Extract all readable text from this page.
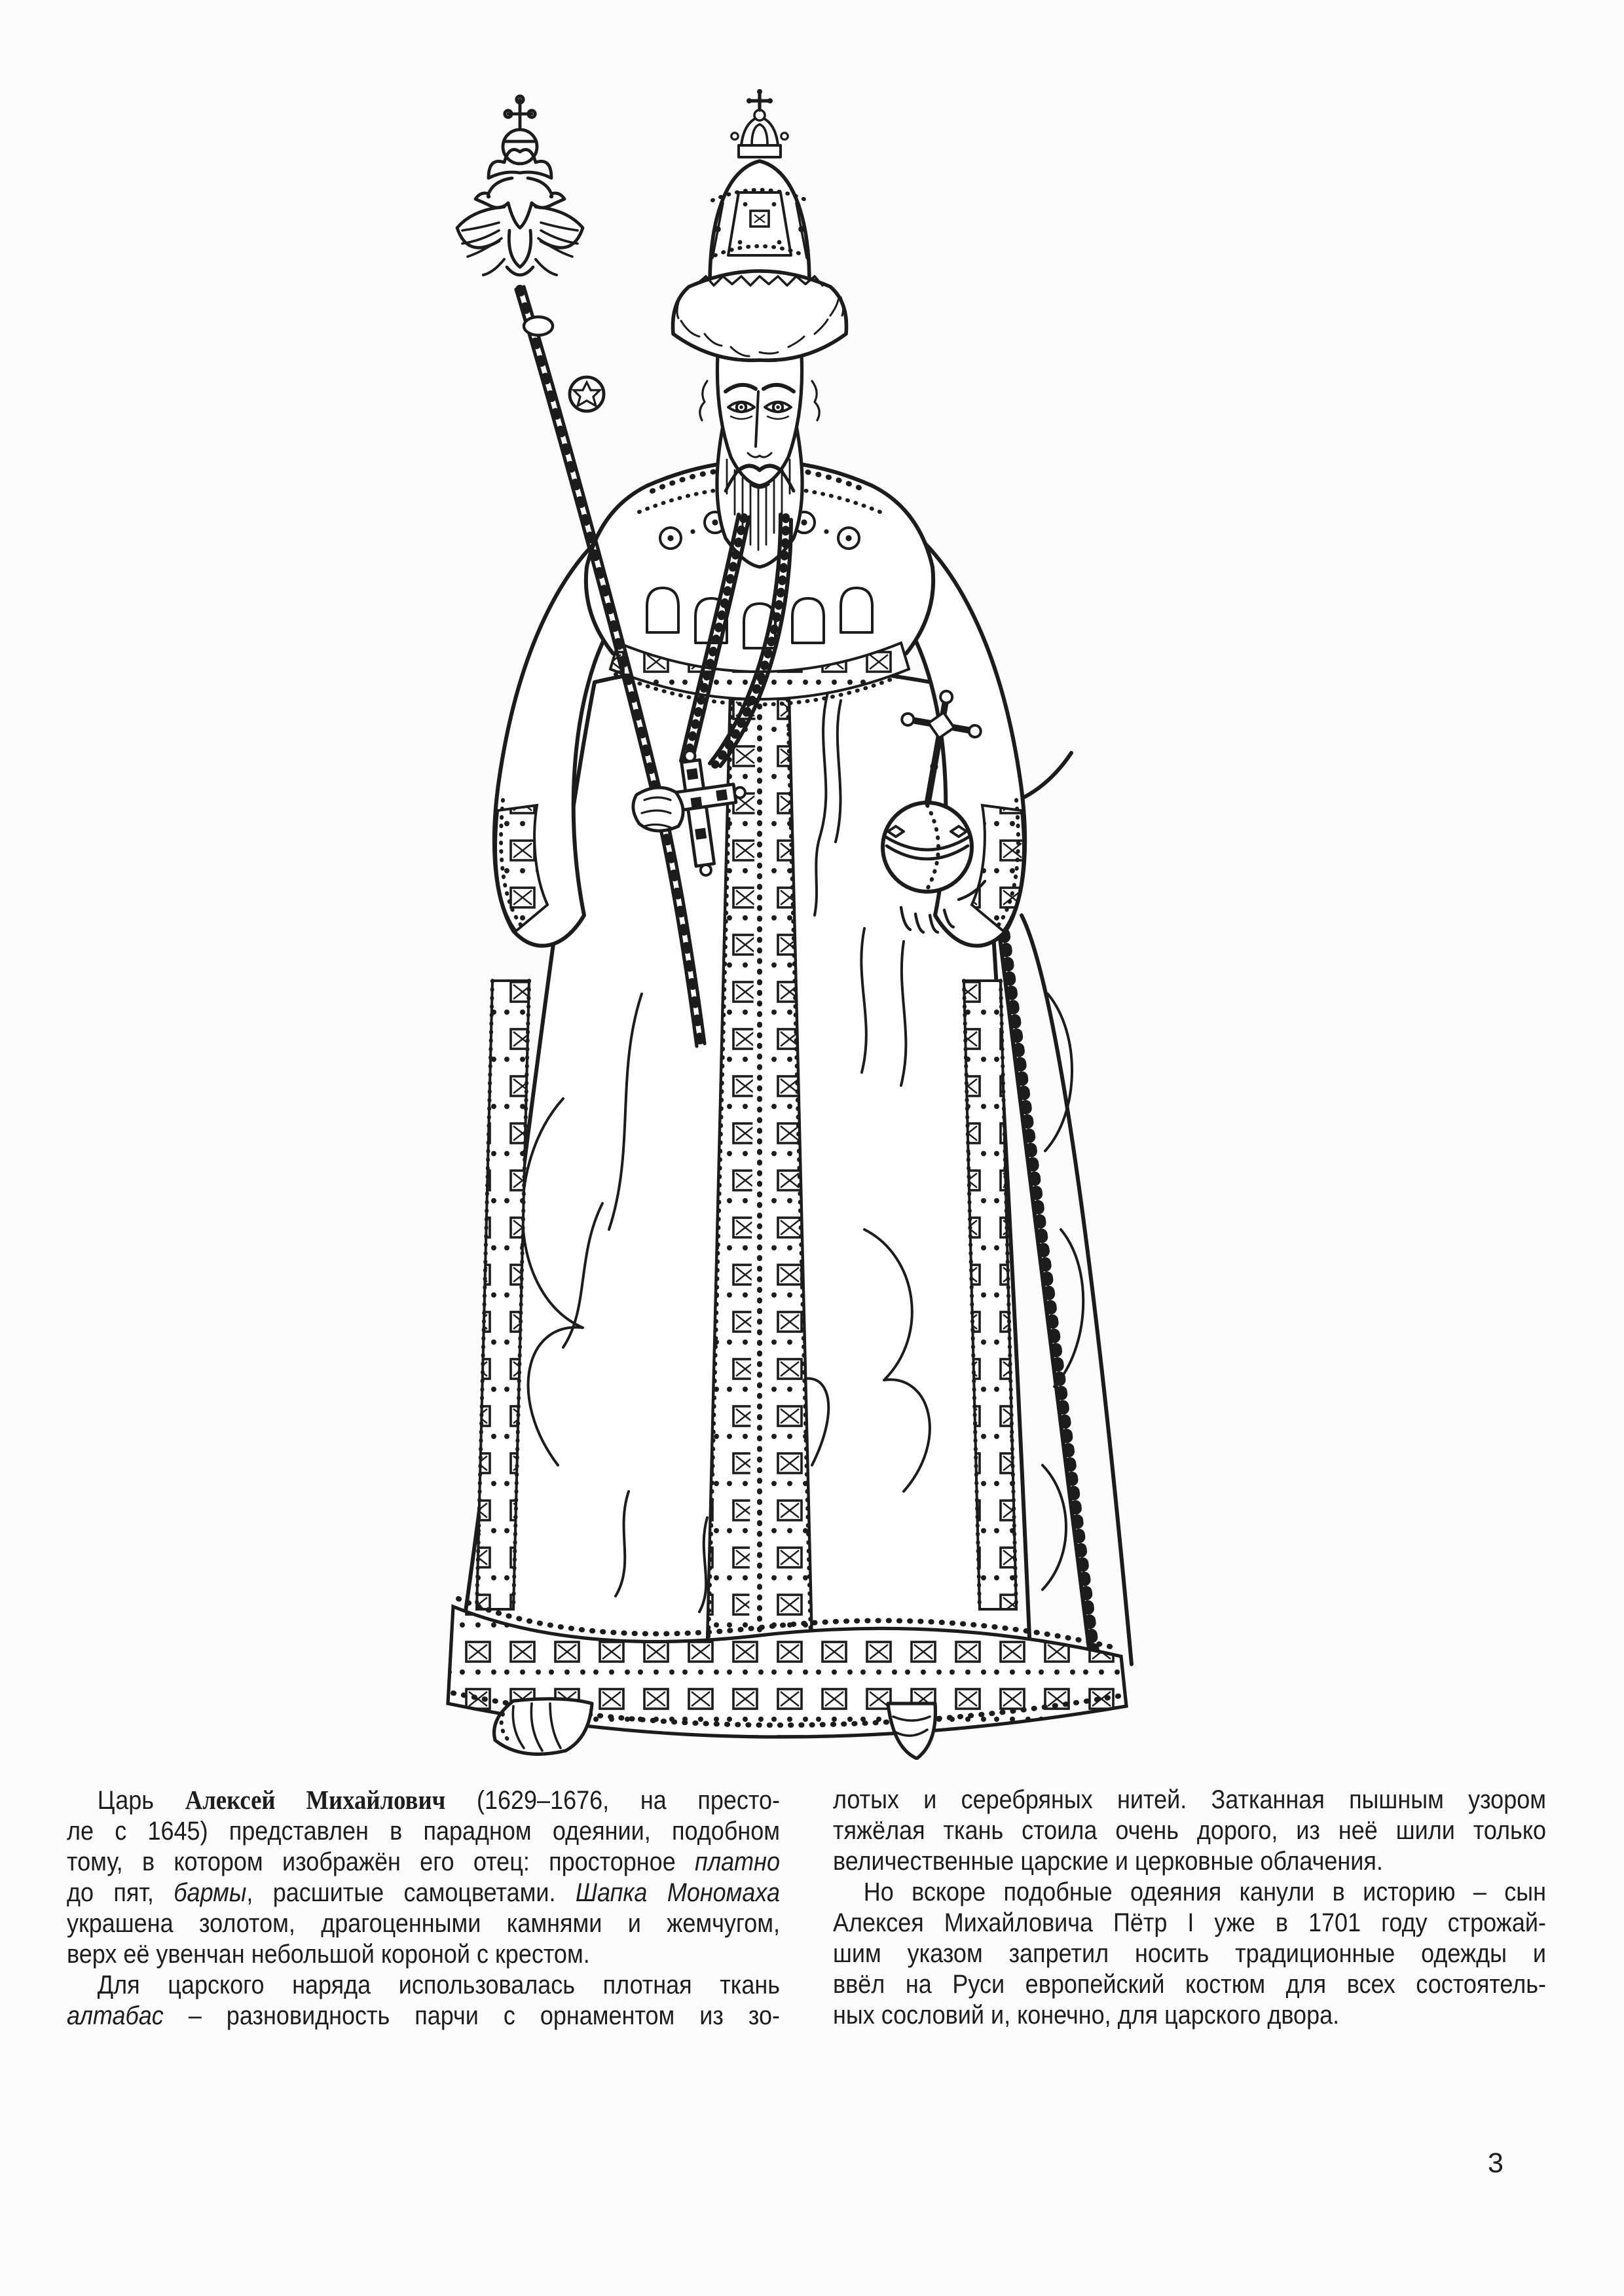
Царь Алексей Михайлович (1629–1676, на престо-
ле с 1645) представлен в парадном одеянии, подобном
тому, в котором изображён его отец: просторное платно
до пят, бармы, расшитые самоцветами. Шапка Мономаха
украшена золотом, драгоценными камнями и жемчугом,
верх её увенчан небольшой короной с крестом.
Для царского наряда использовалась плотная ткань
алтабас – разновидность парчи с орнаментом из зо-
лотых и серебряных нитей. Затканная пышным узором
тяжёлая ткань стоила очень дорого, из неё шили только
величественные царские и церковные облачения.
Но вскоре подобные одеяния канули в историю – сын
Алексея Михайловича Пётр I уже в 1701 году строжай-
шим указом запретил носить традиционные одежды и
ввёл на Руси европейский костюм для всех состоятель-
ных сословий и, конечно, для царского двора.
3
